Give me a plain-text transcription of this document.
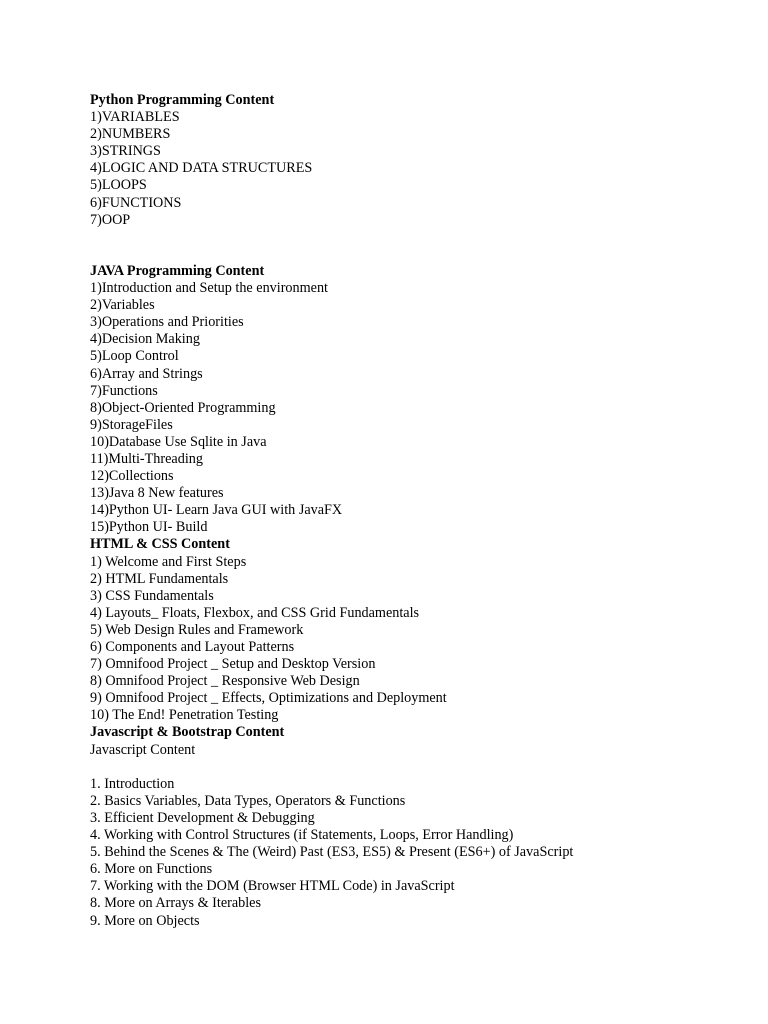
Python Programming Content
1)VARIABLES
2)NUMBERS
3)STRINGS
4)LOGIC AND DATA STRUCTURES
5)LOOPS
6)FUNCTIONS
7)OOP
JAVA Programming Content
1)Introduction and Setup the environment
2)Variables
3)Operations and Priorities
4)Decision Making
5)Loop Control
6)Array and Strings
7)Functions
8)Object-Oriented Programming
9)StorageFiles
10)Database Use Sqlite in Java
11)Multi-Threading
12)Collections
13)Java 8 New features
14)Python UI- Learn Java GUI with JavaFX
15)Python UI- Build
HTML & CSS Content
1) Welcome and First Steps
2) HTML Fundamentals
3) CSS Fundamentals
4) Layouts_ Floats, Flexbox, and CSS Grid Fundamentals
5) Web Design Rules and Framework
6) Components and Layout Patterns
7) Omnifood Project _ Setup and Desktop Version
8) Omnifood Project _ Responsive Web Design
9) Omnifood Project _ Effects, Optimizations and Deployment
10) The End! Penetration Testing
Javascript & Bootstrap Content
Javascript Content
1. Introduction
2. Basics Variables, Data Types, Operators & Functions
3. Efficient Development & Debugging
4. Working with Control Structures (if Statements, Loops, Error Handling)
5. Behind the Scenes & The (Weird) Past (ES3, ES5) & Present (ES6+) of JavaScript
6. More on Functions
7. Working with the DOM (Browser HTML Code) in JavaScript
8. More on Arrays & Iterables
9. More on Objects
